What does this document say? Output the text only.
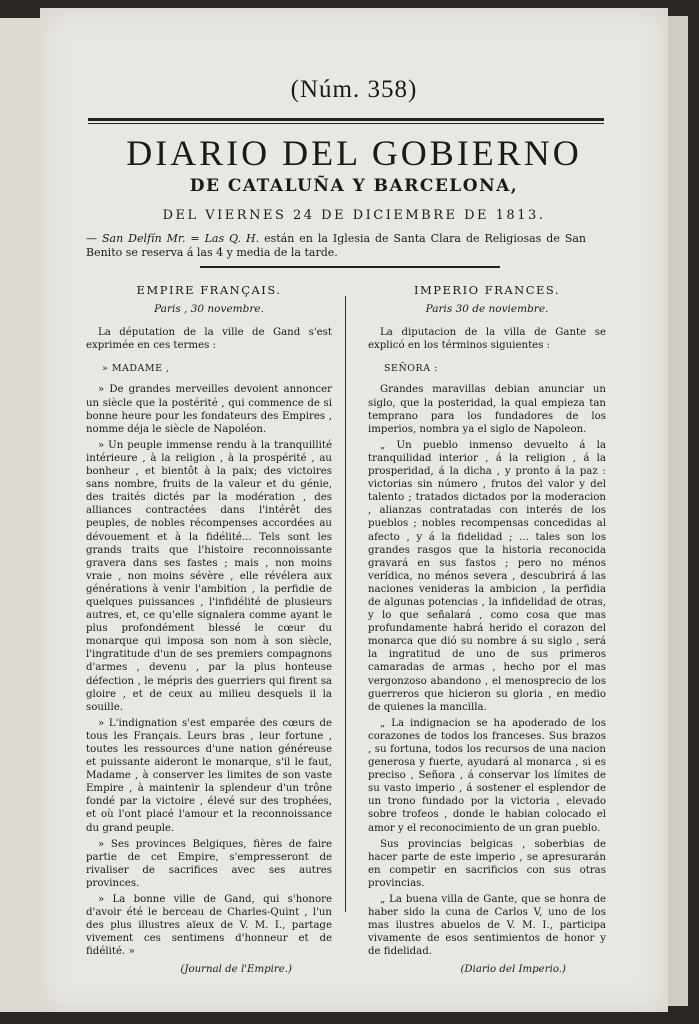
(Núm. 358)
DIARIO DEL GOBIERNO
DE CATALUÑA Y BARCELONA,
DEL VIERNES 24 DE DICIEMBRE DE 1813.
— San Delfín Mr. = Las Q. H. están en la Iglesia de Santa Clara de Religiosas de San Benito se reserva á las 4 y media de la tarde.
EMPIRE FRANÇAIS.
Paris , 30 novembre.

La députation de la ville de Gand s'est exprimée en ces termes :

» MADAME ,

» De grandes merveilles devoient annoncer un siècle que la postérité , qui commence de si bonne heure pour les fondateurs des Empires , nomme déja le siècle de Napoléon.

» Un peuple immense rendu à la tranquillité intérieure , à la religion , à la prospérité , au bonheur , et bientôt à la paix; des victoires sans nombre, fruits de la valeur et du génie, des traités dictés par la modération , des alliances contractées dans l'intérêt des peuples, de nobles récompenses accordées au dévouement et à la fidélité... Tels sont les grands traits que l'histoire reconnoissante gravera dans ses fastes ; mais , non moins vraie , non moins sévère , elle révélera aux générations à venir l'ambition , la perfidie de quelques puissances , l'infidélité de plusieurs autres, et, ce qu'elle signalera comme ayant le plus profondément blessé le cœur du monarque qui imposa son nom à son siècle, l'ingratitude d'un de ses premiers compagnons d'armes , devenu , par la plus honteuse défection , le mépris des guerriers qui firent sa gloire , et de ceux au milieu desquels il la souille.

» L'indignation s'est emparée des cœurs de tous les Français. Leurs bras , leur fortune , toutes les ressources d'une nation généreuse et puissante aideront le monarque, s'il le faut, Madame , à conserver les limites de son vaste Empire , à maintenir la splendeur d'un trône fondé par la victoire , élevé sur des trophées, et où l'ont placé l'amour et la reconnoissance du grand peuple.

» Ses provinces Belgiques, fières de faire partie de cet Empire, s'empresseront de rivaliser de sacrifices avec ses autres provinces.

» La bonne ville de Gand, qui s'honore d'avoir été le berceau de Charles-Quint , l'un des plus illustres aïeux de V. M. I., partage vivement ces sentimens d'honneur et de fidélité. »

(Journal de l'Empire.)
IMPERIO FRANCES.
Paris 30 de noviembre.

La diputacion de la villa de Gante se explicó en los términos siguientes :

SEÑORA :

Grandes maravillas debian anunciar un siglo, que la posteridad, la qual empieza tan temprano para los fundadores de los imperios, nombra ya el siglo de Napoleon.

„ Un pueblo inmenso devuelto á la tranquilidad interior , á la religion , á la prosperidad, á la dicha , y pronto á la paz : victorias sin número , frutos del valor y del talento ; tratados dictados por la moderacion , alianzas contratadas con interés de los pueblos ; nobles recompensas concedidas al afecto , y á la fidelidad ; ... tales son los grandes rasgos que la historia reconocida gravará en sus fastos ; pero no ménos verídica, no ménos severa , descubrirá á las naciones venideras la ambicion , la perfidia de algunas potencias , la infidelidad de otras, y lo que señalará , como cosa que mas profundamente habrá herido el corazon del monarca que dió su nombre á su siglo , será la ingratitud de uno de sus primeros camaradas de armas , hecho por el mas vergonzoso abandono , el menosprecio de los guerreros que hicieron su gloria , en medio de quienes la mancilla.

„ La indignacion se ha apoderado de los corazones de todos los franceses. Sus brazos , su fortuna, todos los recursos de una nacion generosa y fuerte, ayudará al monarca , si es preciso , Señora , á conservar los límites de su vasto imperio , á sostener el esplendor de un trono fundado por la victoria , elevado sobre trofeos , donde le habian colocado el amor y el reconocimiento de un gran pueblo.

Sus provincias belgicas , soberbias de hacer parte de este imperio , se apresurarán en competir en sacrificios con sus otras provincias.

„ La buena villa de Gante, que se honra de haber sido la cuna de Carlos V, uno de los mas ilustres abuelos de V. M. I., participa vivamente de esos sentimientos de honor y de fidelidad.

(Diario del Imperio.)
